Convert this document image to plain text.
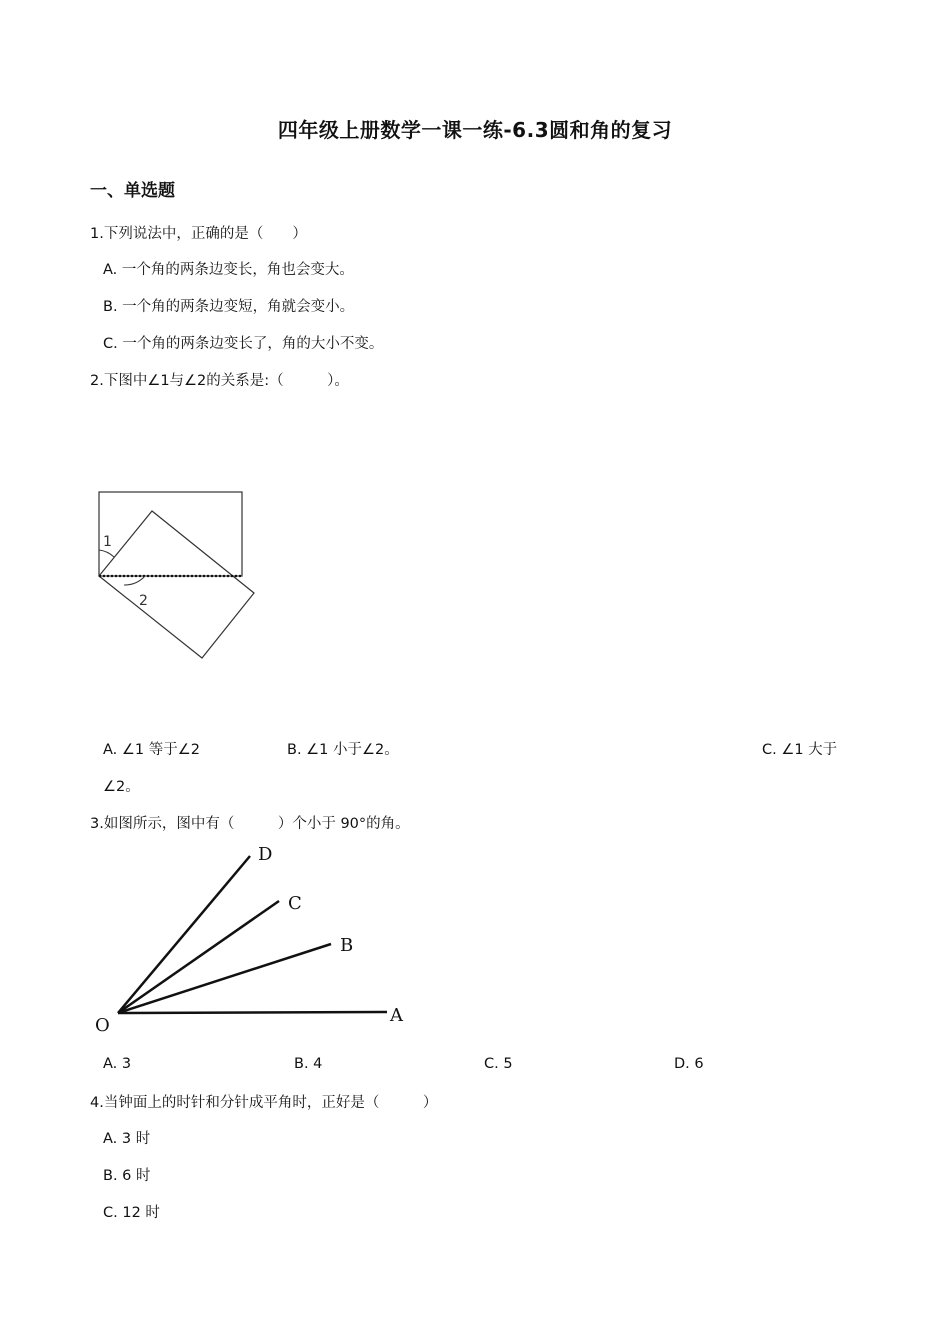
四年级上册数学一课一练-6.3圆和角的复习
一、单选题
1.下列说法中，正确的是（　　）
A. 一个角的两条边变长，角也会变大。
B. 一个角的两条边变短，角就会变小。
C. 一个角的两条边变长了，角的大小不变。
2.下图中∠1与∠2的关系是:（　　　）。
1
2
A. ∠1 等于∠2	B. ∠1 小于∠2。	C. ∠1 大于
∠2。
3.如图所示，图中有（　　　）个小于 90°的角。
D
C
B
A
O
A. 3	B. 4	C. 5	D. 6
4.当钟面上的时针和分针成平角时，正好是（　　　）
A. 3 时
B. 6 时
C. 12 时
